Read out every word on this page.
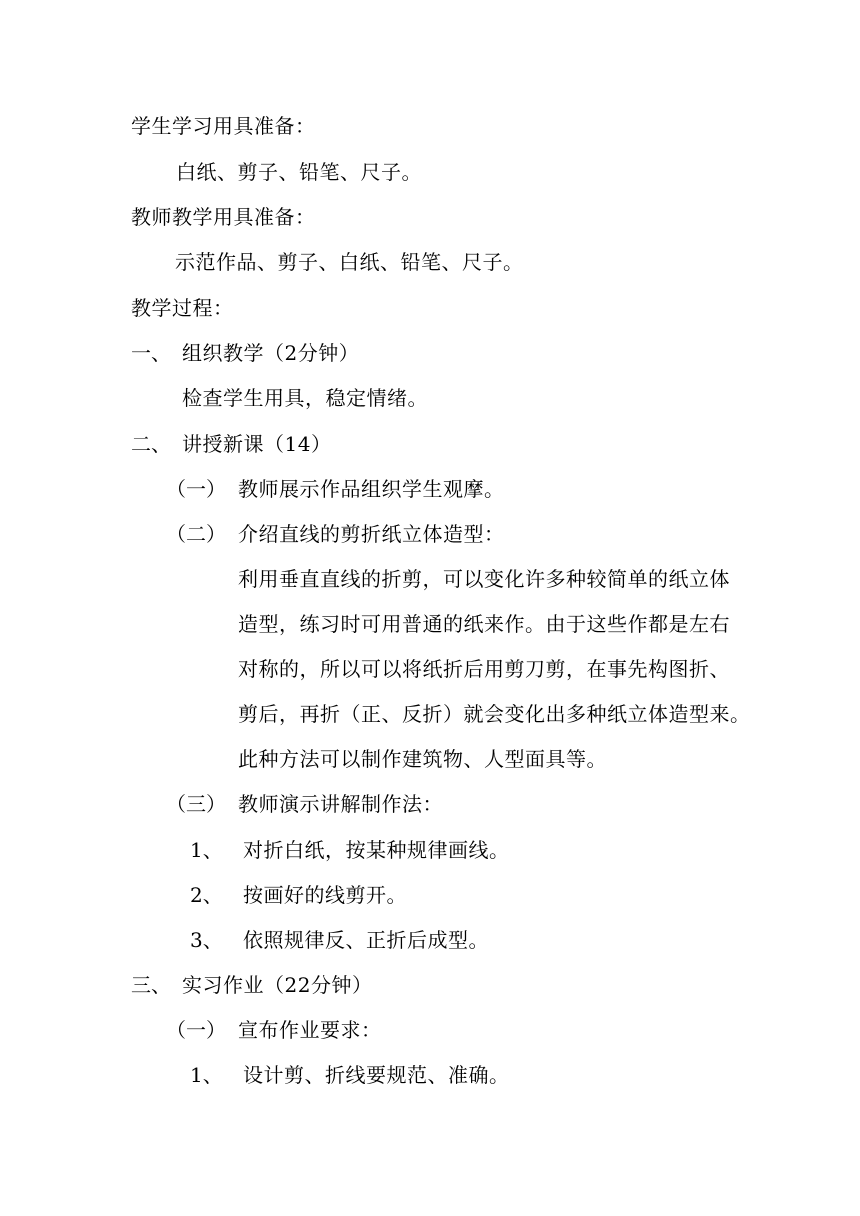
学生学习用具准备：
白纸、剪子、铅笔、尺子。
教师教学用具准备：
示范作品、剪子、白纸、铅笔、尺子。
教学过程：
一、 组织教学（2分钟）
检查学生用具，稳定情绪。
二、 讲授新课（14）
（一） 教师展示作品组织学生观摩。
（二） 介绍直线的剪折纸立体造型：
利用垂直直线的折剪，可以变化许多种较简单的纸立体
造型，练习时可用普通的纸来作。由于这些作都是左右
对称的，所以可以将纸折后用剪刀剪，在事先构图折、
剪后，再折（正、反折）就会变化出多种纸立体造型来。
此种方法可以制作建筑物、人型面具等。
（三） 教师演示讲解制作法：
1、 对折白纸，按某种规律画线。
2、 按画好的线剪开。
3、 依照规律反、正折后成型。
三、 实习作业（22分钟）
（一） 宣布作业要求：
1、 设计剪、折线要规范、准确。
